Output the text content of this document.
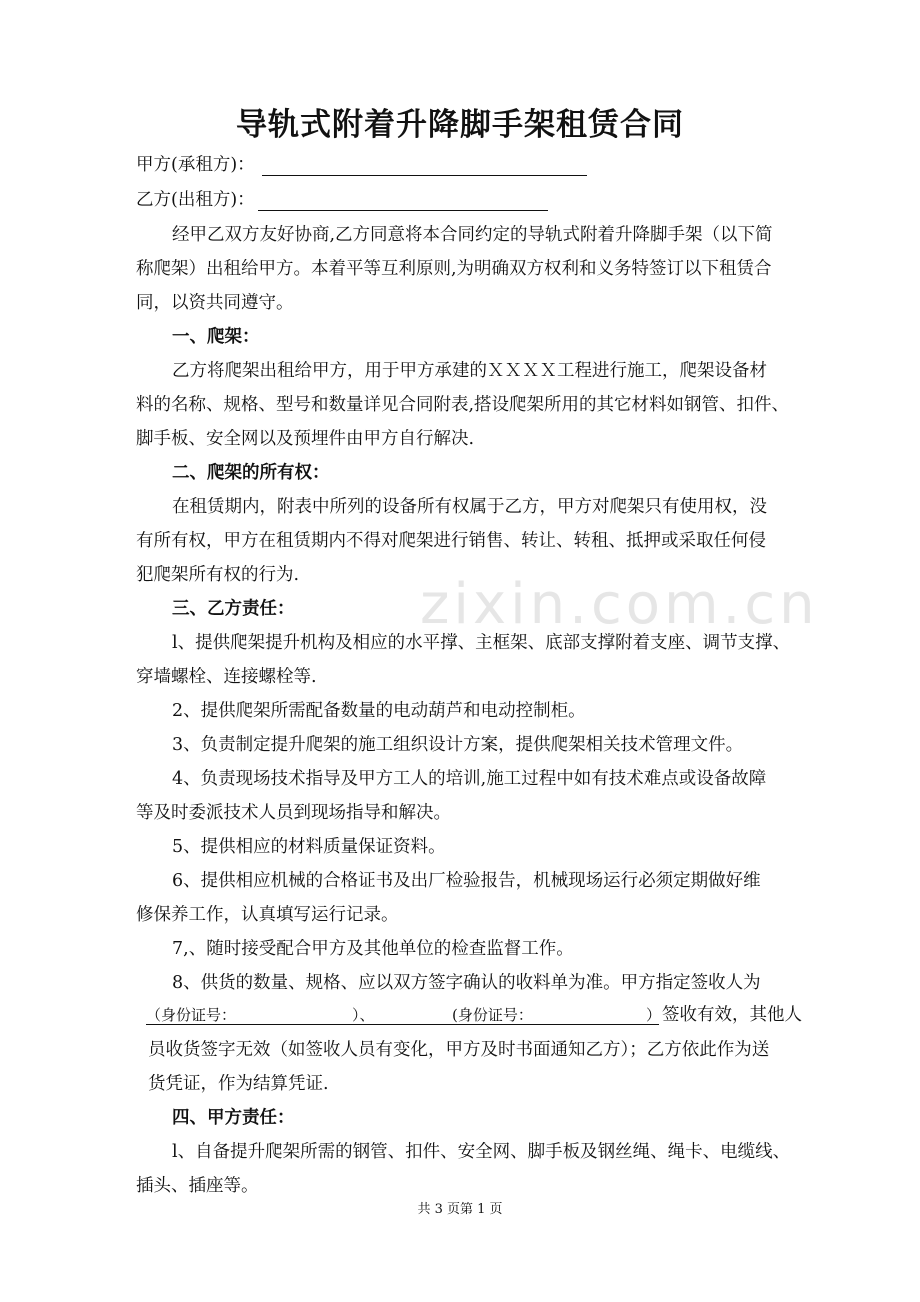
zixin.com.cn
导轨式附着升降脚手架租赁合同
甲方(承租方)：
乙方(出租方)：
经甲乙双方友好协商,乙方同意将本合同约定的导轨式附着升降脚手架（以下简
称爬架）出租给甲方。本着平等互利原则,为明确双方权利和义务特签订以下租赁合
同，以资共同遵守。
一、爬架：
乙方将爬架出租给甲方，用于甲方承建的ＸＸＸＸ工程进行施工，爬架设备材
料的名称、规格、型号和数量详见合同附表,搭设爬架所用的其它材料如钢管、扣件、
脚手板、安全网以及预埋件由甲方自行解决.
二、爬架的所有权：
在租赁期内，附表中所列的设备所有权属于乙方，甲方对爬架只有使用权，没
有所有权，甲方在租赁期内不得对爬架进行销售、转让、转租、抵押或采取任何侵
犯爬架所有权的行为.
三、乙方责任：
l、提供爬架提升机构及相应的水平撑、主框架、底部支撑附着支座、调节支撑、
穿墙螺栓、连接螺栓等.
2、提供爬架所需配备数量的电动葫芦和电动控制柜。
3、负责制定提升爬架的施工组织设计方案，提供爬架相关技术管理文件。
4、负责现场技术指导及甲方工人的培训,施工过程中如有技术难点或设备故障
等及时委派技术人员到现场指导和解决。
5、提供相应的材料质量保证资料。
6、提供相应机械的合格证书及出厂检验报告，机械现场运行必须定期做好维
修保养工作，认真填写运行记录。
7,、随时接受配合甲方及其他单位的检查监督工作。
8、供货的数量、规格、应以双方签字确认的收料单为准。甲方指定签收人为
（身份证号：	）、	(身份证号：	） 签收有效，其他人
员收货签字无效（如签收人员有变化，甲方及时书面通知乙方）；乙方依此作为送
货凭证，作为结算凭证.
四、甲方责任：
l、自备提升爬架所需的钢管、扣件、安全网、脚手板及钢丝绳、绳卡、电缆线、
插头、插座等。
共 3 页第 1 页
